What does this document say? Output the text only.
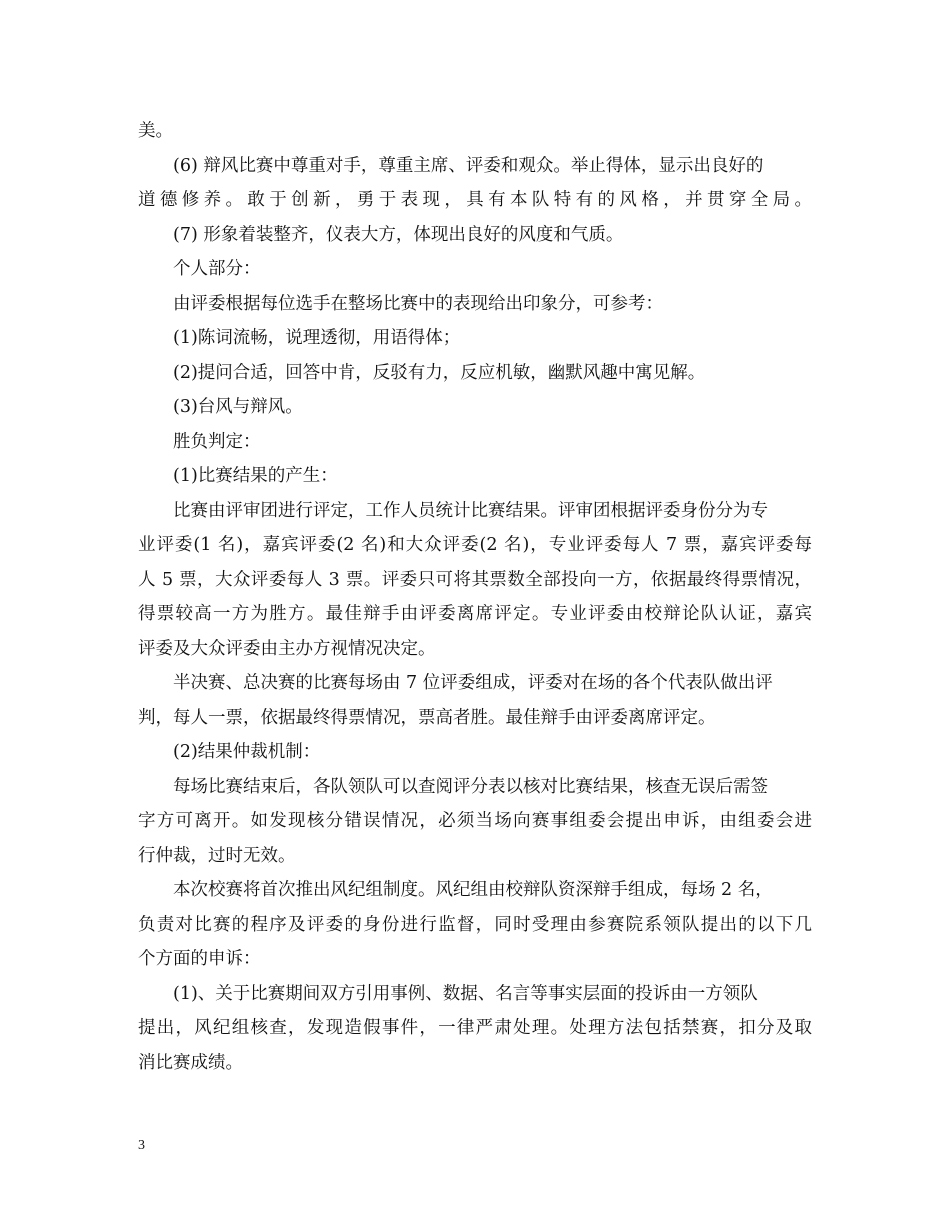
美。
(6) 辩风比赛中尊重对手，尊重主席、评委和观众。举止得体，显示出良好的
道德修养。敢于创新，勇于表现，具有本队特有的风格，并贯穿全局。
(7) 形象着装整齐，仪表大方，体现出良好的风度和气质。
个人部分：
由评委根据每位选手在整场比赛中的表现给出印象分，可参考：
(1)陈词流畅，说理透彻，用语得体；
(2)提问合适，回答中肯，反驳有力，反应机敏，幽默风趣中寓见解。
(3)台风与辩风。
胜负判定：
(1)比赛结果的产生：
比赛由评审团进行评定，工作人员统计比赛结果。评审团根据评委身份分为专
业评委(1 名)，嘉宾评委(2 名)和大众评委(2 名)，专业评委每人 7 票，嘉宾评委每
人 5 票，大众评委每人 3 票。评委只可将其票数全部投向一方，依据最终得票情况，
得票较高一方为胜方。最佳辩手由评委离席评定。专业评委由校辩论队认证，嘉宾
评委及大众评委由主办方视情况决定。
半决赛、总决赛的比赛每场由 7 位评委组成，评委对在场的各个代表队做出评
判，每人一票，依据最终得票情况，票高者胜。最佳辩手由评委离席评定。
(2)结果仲裁机制：
每场比赛结束后，各队领队可以查阅评分表以核对比赛结果，核查无误后需签
字方可离开。如发现核分错误情况，必须当场向赛事组委会提出申诉，由组委会进
行仲裁，过时无效。
本次校赛将首次推出风纪组制度。风纪组由校辩队资深辩手组成，每场 2 名，
负责对比赛的程序及评委的身份进行监督，同时受理由参赛院系领队提出的以下几
个方面的申诉：
(1)、关于比赛期间双方引用事例、数据、名言等事实层面的投诉由一方领队
提出，风纪组核查，发现造假事件，一律严肃处理。处理方法包括禁赛，扣分及取
消比赛成绩。
3
